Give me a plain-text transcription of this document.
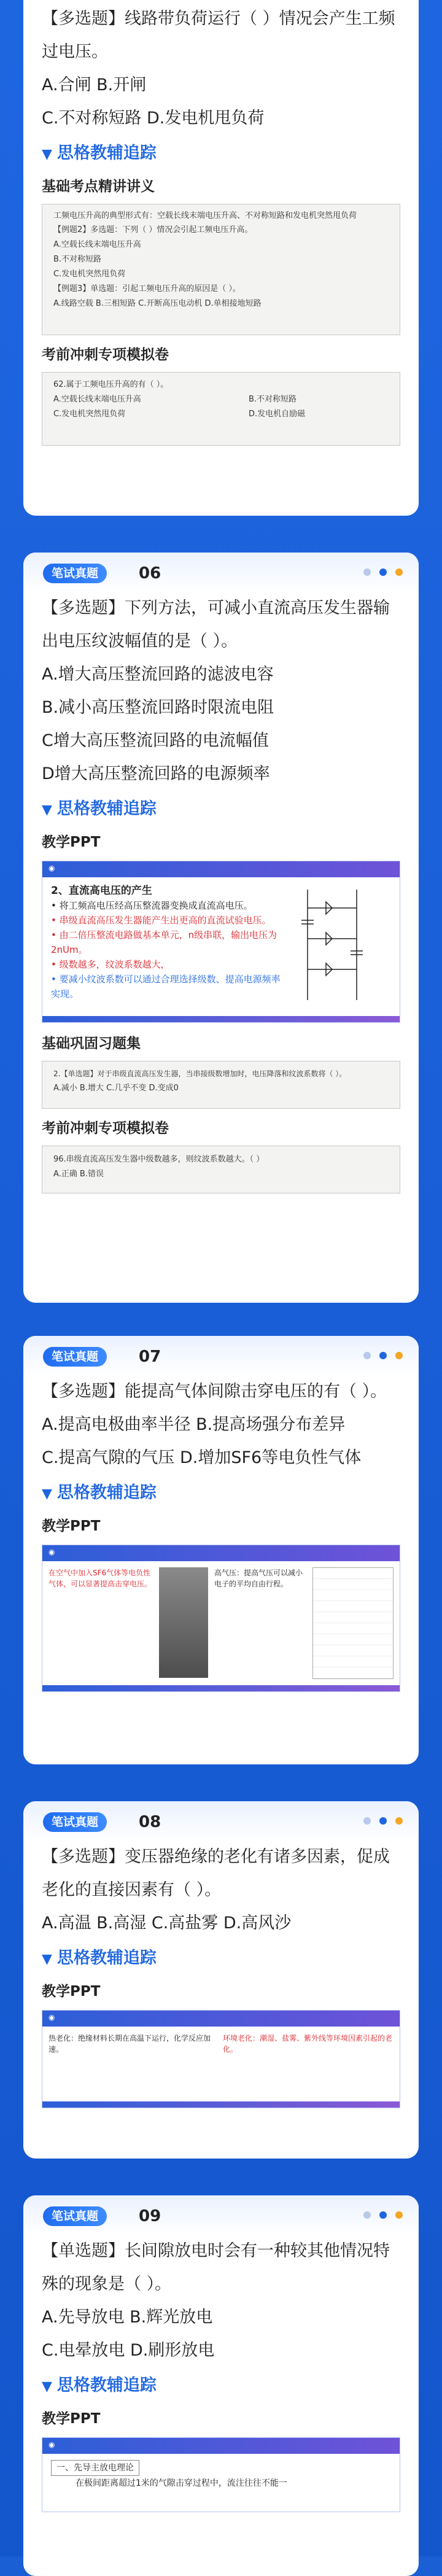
【多选题】线路带负荷运行（ ）情况会产生工频过电压。
A.合闸 B.开闸
C.不对称短路 D.发电机甩负荷
▼ 思格教辅追踪
基础考点精讲讲义
工频电压升高的典型形式有：空载长线末端电压升高、不对称短路和发电机突然甩负荷
【例题2】多选题：下列（ ）情况会引起工频电压升高。
A.空载长线末端电压升高
B.不对称短路
C.发电机突然甩负荷
【例题3】单选题：引起工频电压升高的原因是（ ）。
A.线路空载 B.三相短路 C.开断高压电动机 D.单相接地短路
考前冲刺专项模拟卷
62.属于工频电压升高的有（ ）。
A.空载长线末端电压升高	B.不对称短路
C.发电机突然甩负荷	D.发电机自励磁
笔试真题	06
【多选题】下列方法，可减小直流高压发生器输出电压纹波幅值的是（ ）。
A.增大高压整流回路的滤波电容
B.减小高压整流回路时限流电阻
C增大高压整流回路的电流幅值
D增大高压整流回路的电源频率
▼ 思格教辅追踪
教学PPT
◉
2、直流高电压的产生
• 将工频高电压经高压整流器变换成直流高电压。
• 串级直流高压发生器能产生出更高的直流试验电压。
• 由二倍压整流电路做基本单元，n级串联，输出电压为2nUm。
• 级数越多，纹波系数越大，
• 要减小纹波系数可以通过合理选择级数、提高电源频率实现。
基础巩固习题集
2.【单选题】对于串级直流高压发生器，当串接级数增加时，电压降落和纹波系数将（ ）。
A.减小 B.增大 C.几乎不变 D.变成0
考前冲刺专项模拟卷
96.串级直流高压发生器中级数越多，则纹波系数越大。（ ）
A.正确 B.错误
笔试真题	07
【多选题】能提高气体间隙击穿电压的有（ ）。
A.提高电极曲率半径 B.提高场强分布差异
C.提高气隙的气压 D.增加SF6等电负性气体
▼ 思格教辅追踪
教学PPT
◉
在空气中加入SF6气体等电负性气体，可以显著提高击穿电压。
高气压：提高气压可以减小电子的平均自由行程。
笔试真题	08
【多选题】变压器绝缘的老化有诸多因素，促成老化的直接因素有（ ）。
A.高温 B.高湿 C.高盐雾 D.高风沙
▼ 思格教辅追踪
教学PPT
◉
热老化：绝缘材料长期在高温下运行，化学反应加速。
环境老化：潮湿、盐雾、紫外线等环境因素引起的老化。
笔试真题	09
【单选题】长间隙放电时会有一种较其他情况特殊的现象是（ ）。
A.先导放电 B.辉光放电
C.电晕放电 D.刷形放电
▼ 思格教辅追踪
教学PPT
◉
一、先导主放电理论
在极间距离超过1米的气隙击穿过程中，流注往往不能一
